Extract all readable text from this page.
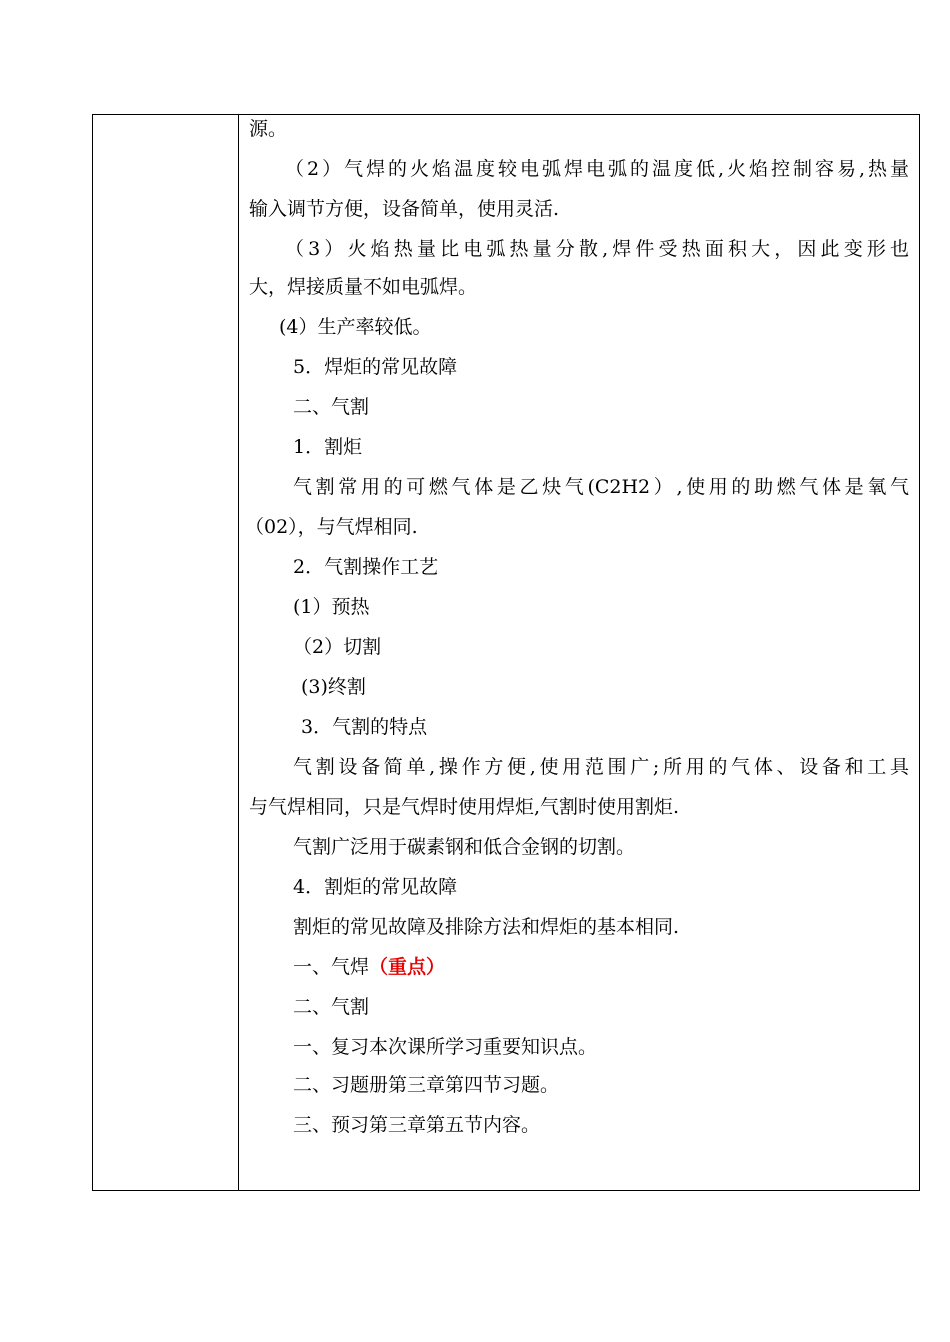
源。
（2）气焊的火焰温度较电弧焊电弧的温度低,火焰控制容易,热量
输入调节方便，设备简单，使用灵活.
（3）火焰热量比电弧热量分散,焊件受热面积大，因此变形也
大，焊接质量不如电弧焊。
(4）生产率较低。
5．焊炬的常见故障
二、气割
1．割炬
气割常用的可燃气体是乙炔气(C2H2）,使用的助燃气体是氧气
（02），与气焊相同.
2．气割操作工艺
(1）预热
（2）切割
(3)终割
3．气割的特点
气割设备简单,操作方便,使用范围广;所用的气体、设备和工具
与气焊相同，只是气焊时使用焊炬,气割时使用割炬.
气割广泛用于碳素钢和低合金钢的切割。
4．割炬的常见故障
割炬的常见故障及排除方法和焊炬的基本相同.
一、气焊（重点）
二、气割
一、复习本次课所学习重要知识点。
二、习题册第三章第四节习题。
三、预习第三章第五节内容。
